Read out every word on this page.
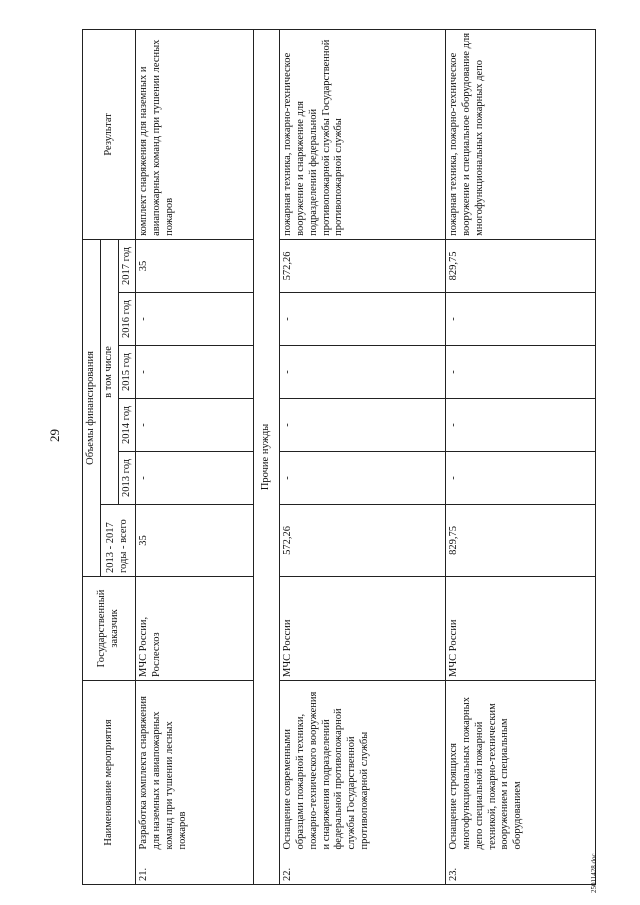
29
Наименование мероприятия		Государственный заказчик	Объемы финансирования						Результат
			2013 - 2017 годы - всего	в том числе					
				2013 год	2014 год	2015 год	2016 год	2017 год	
21.	Разработка комплекта снаряжения для наземных и авиапожарных команд при тушении лесных пожаров	МЧС России, Рослесхоз	35	-	-	-	-	35	комплект снаряжения для наземных и авиапожарных команд при тушении лесных пожаров
Прочие нужды									
22.	Оснащение современными образцами пожарной техники, пожарно-технического вооружения и снаряжения подразделений федеральной противопожарной службы Государственной противопожарной службы	МЧС России	572,26	-	-	-	-	572,26	пожарная техника, пожарно-техническое вооружение и снаряжение для подразделений федеральной противопожарной службы Государственной противопожарной службы
23.	Оснащение строящихся многофункциональных пожарных депо специальной пожарной техникой, пожарно-техническим вооружением и специальным оборудованием	МЧС России	829,75	-	-	-	-	829,75	пожарная техника, пожарно-техническое вооружение и специальное оборудование для многофункциональных пожарных депо
25011428.doc
